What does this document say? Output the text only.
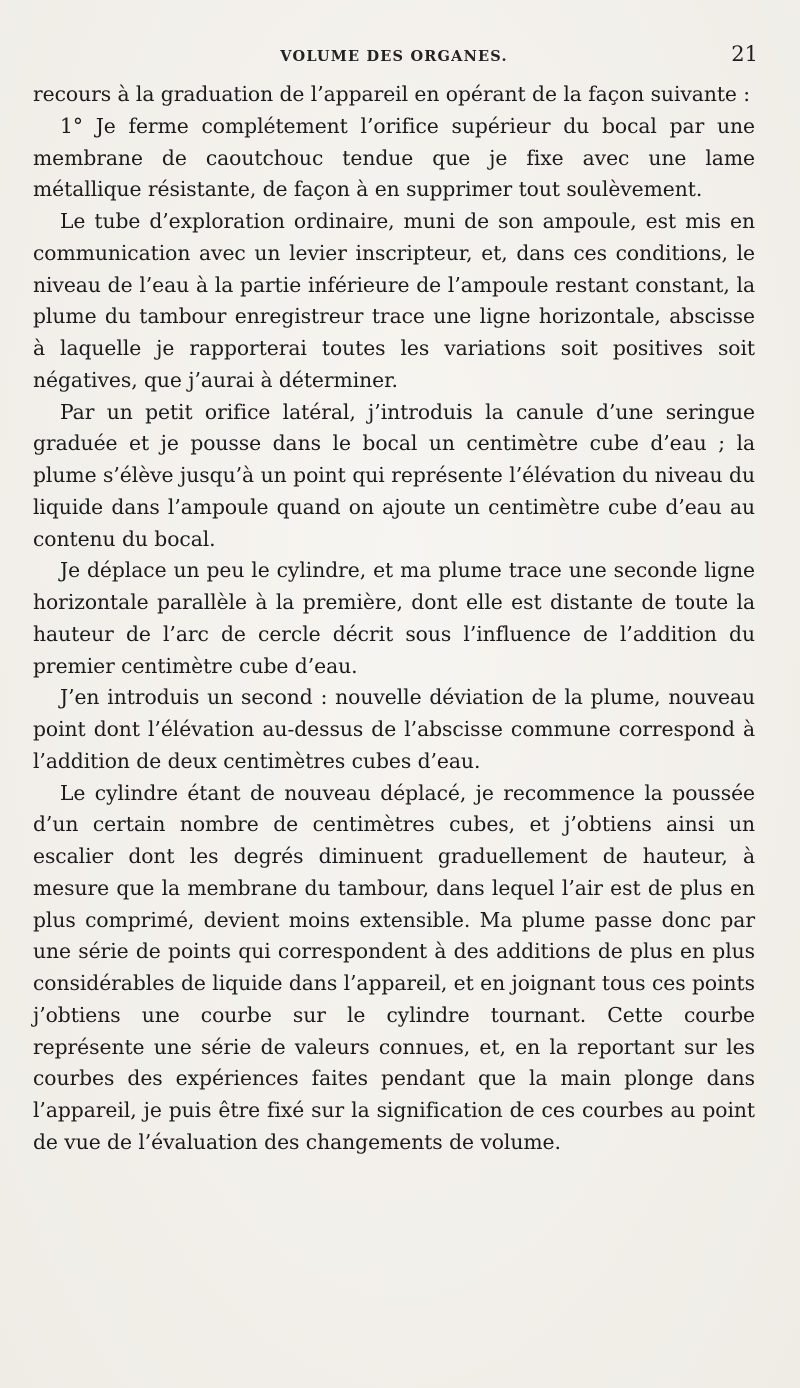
VOLUME DES ORGANES.	21

recours à la graduation de l’appareil en opérant de la façon suivante :

1° Je ferme complétement l’orifice supérieur du bocal par une membrane de caoutchouc tendue que je fixe avec une lame métallique résistante, de façon à en supprimer tout soulèvement.

Le tube d’exploration ordinaire, muni de son ampoule, est mis en communication avec un levier inscripteur, et, dans ces conditions, le niveau de l’eau à la partie inférieure de l’ampoule restant constant, la plume du tambour enregistreur trace une ligne horizontale, abscisse à laquelle je rapporterai toutes les variations soit positives soit négatives, que j’aurai à déterminer.

Par un petit orifice latéral, j’introduis la canule d’une seringue graduée et je pousse dans le bocal un centimètre cube d’eau ; la plume s’élève jusqu’à un point qui représente l’élévation du niveau du liquide dans l’ampoule quand on ajoute un centimètre cube d’eau au contenu du bocal.

Je déplace un peu le cylindre, et ma plume trace une seconde ligne horizontale parallèle à la première, dont elle est distante de toute la hauteur de l’arc de cercle décrit sous l’influence de l’addition du premier centimètre cube d’eau.

J’en introduis un second : nouvelle déviation de la plume, nouveau point dont l’élévation au-dessus de l’abscisse commune correspond à l’addition de deux centimètres cubes d’eau.

Le cylindre étant de nouveau déplacé, je recommence la poussée d’un certain nombre de centimètres cubes, et j’obtiens ainsi un escalier dont les degrés diminuent graduellement de hauteur, à mesure que la membrane du tambour, dans lequel l’air est de plus en plus comprimé, devient moins extensible. Ma plume passe donc par une série de points qui correspondent à des additions de plus en plus considérables de liquide dans l’appareil, et en joignant tous ces points j’obtiens une courbe sur le cylindre tournant. Cette courbe représente une série de valeurs connues, et, en la reportant sur les courbes des expériences faites pendant que la main plonge dans l’appareil, je puis être fixé sur la signification de ces courbes au point de vue de l’évaluation des changements de volume.
